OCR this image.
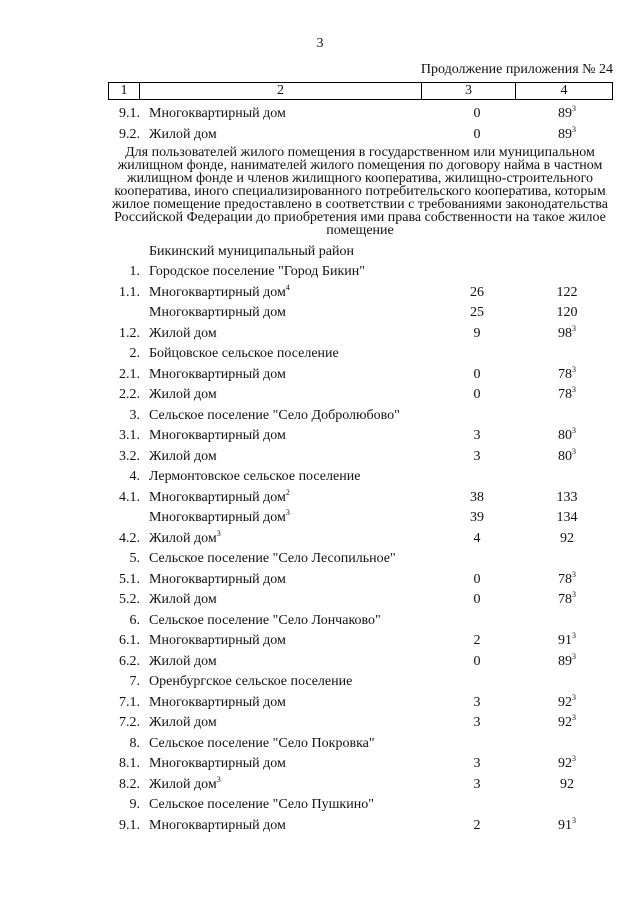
3
Продолжение приложения № 24
1	2	3	4
9.1. Многоквартирный дом	0	$89^3$
9.2. Жилой дом	0	$89^3$
Для пользователей жилого помещения в государственном или муниципальном жилищном фонде, нанимателей жилого помещения по договору найма в частном жилищном фонде и членов жилищного кооператива, жилищно-строительного кооператива, иного специализированного потребительского кооператива, которым жилое помещение предоставлено в соответствии с требованиями законодательства Российской Федерации до приобретения ими права собственности на такое жилое помещение
Бикинский муниципальный район
1. Городское поселение "Город Бикин"
1.1. Многоквартирный дом$^4$	26	122
Многоквартирный дом	25	120
1.2. Жилой дом	9	$98^3$
2. Бойцовское сельское поселение
2.1. Многоквартирный дом	0	$78^3$
2.2. Жилой дом	0	$78^3$
3. Сельское поселение "Село Добролюбово"
3.1. Многоквартирный дом	3	$80^3$
3.2. Жилой дом	3	$80^3$
4. Лермонтовское сельское поселение
4.1. Многоквартирный дом$^2$	38	133
Многоквартирный дом$^3$	39	134
4.2. Жилой дом$^3$	4	92
5. Сельское поселение "Село Лесопильное"
5.1. Многоквартирный дом	0	$78^3$
5.2. Жилой дом	0	$78^3$
6. Сельское поселение "Село Лончаково"
6.1. Многоквартирный дом	2	$91^3$
6.2. Жилой дом	0	$89^3$
7. Оренбургское сельское поселение
7.1. Многоквартирный дом	3	$92^3$
7.2. Жилой дом	3	$92^3$
8. Сельское поселение "Село Покровка"
8.1. Многоквартирный дом	3	$92^3$
8.2. Жилой дом$^3$	3	92
9. Сельское поселение "Село Пушкино"
9.1. Многоквартирный дом	2	$91^3$
